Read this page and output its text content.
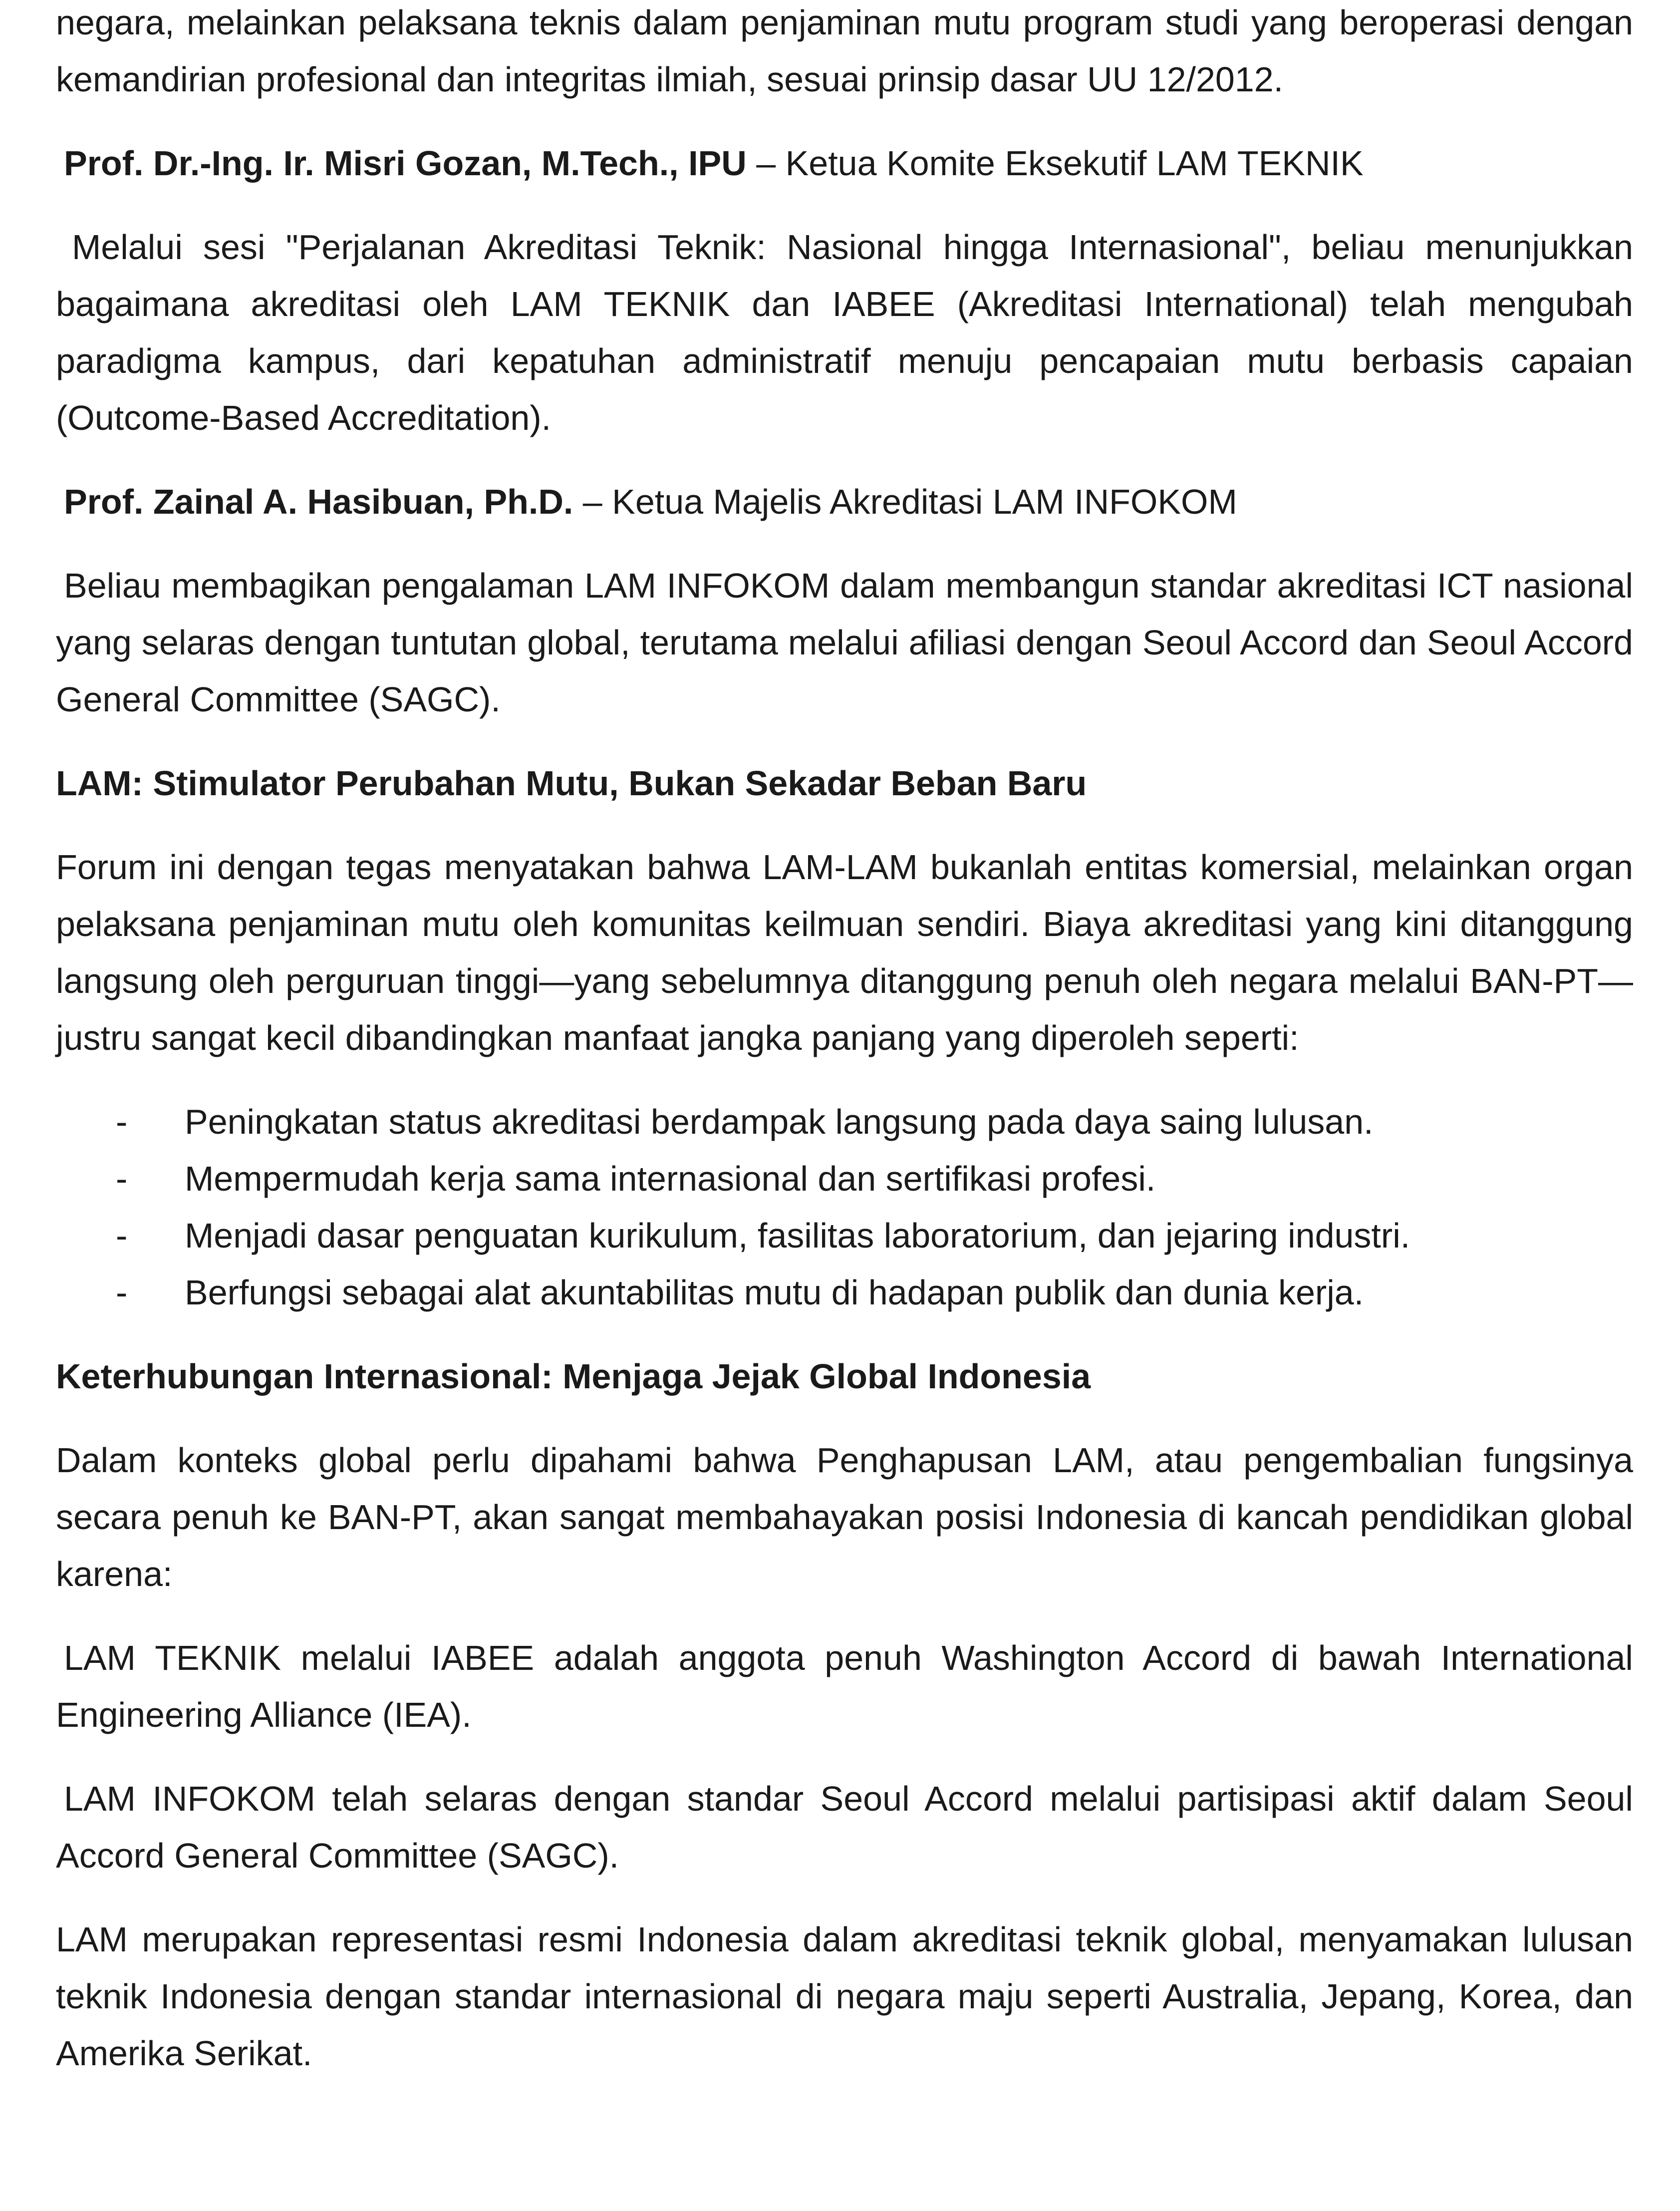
negara, melainkan pelaksana teknis dalam penjaminan mutu program studi yang beroperasi dengan kemandirian profesional dan integritas ilmiah, sesuai prinsip dasar UU 12/2012.

Prof. Dr.-Ing. Ir. Misri Gozan, M.Tech., IPU – Ketua Komite Eksekutif LAM TEKNIK

Melalui sesi "Perjalanan Akreditasi Teknik: Nasional hingga Internasional", beliau menunjukkan bagaimana akreditasi oleh LAM TEKNIK dan IABEE (Akreditasi International) telah mengubah paradigma kampus, dari kepatuhan administratif menuju pencapaian mutu berbasis capaian (Outcome-Based Accreditation).

Prof. Zainal A. Hasibuan, Ph.D. – Ketua Majelis Akreditasi LAM INFOKOM

Beliau membagikan pengalaman LAM INFOKOM dalam membangun standar akreditasi ICT nasional yang selaras dengan tuntutan global, terutama melalui afiliasi dengan Seoul Accord dan Seoul Accord General Committee (SAGC).

LAM: Stimulator Perubahan Mutu, Bukan Sekadar Beban Baru

Forum ini dengan tegas menyatakan bahwa LAM-LAM bukanlah entitas komersial, melainkan organ pelaksana penjaminan mutu oleh komunitas keilmuan sendiri. Biaya akreditasi yang kini ditanggung langsung oleh perguruan tinggi—yang sebelumnya ditanggung penuh oleh negara melalui BAN-PT—justru sangat kecil dibandingkan manfaat jangka panjang yang diperoleh seperti:

- Peningkatan status akreditasi berdampak langsung pada daya saing lulusan.
- Mempermudah kerja sama internasional dan sertifikasi profesi.
- Menjadi dasar penguatan kurikulum, fasilitas laboratorium, dan jejaring industri.
- Berfungsi sebagai alat akuntabilitas mutu di hadapan publik dan dunia kerja.

Keterhubungan Internasional: Menjaga Jejak Global Indonesia

Dalam konteks global perlu dipahami bahwa Penghapusan LAM, atau pengembalian fungsinya secara penuh ke BAN-PT, akan sangat membahayakan posisi Indonesia di kancah pendidikan global karena:

LAM TEKNIK melalui IABEE adalah anggota penuh Washington Accord di bawah International Engineering Alliance (IEA).

LAM INFOKOM telah selaras dengan standar Seoul Accord melalui partisipasi aktif dalam Seoul Accord General Committee (SAGC).

LAM merupakan representasi resmi Indonesia dalam akreditasi teknik global, menyamakan lulusan teknik Indonesia dengan standar internasional di negara maju seperti Australia, Jepang, Korea, dan Amerika Serikat.
